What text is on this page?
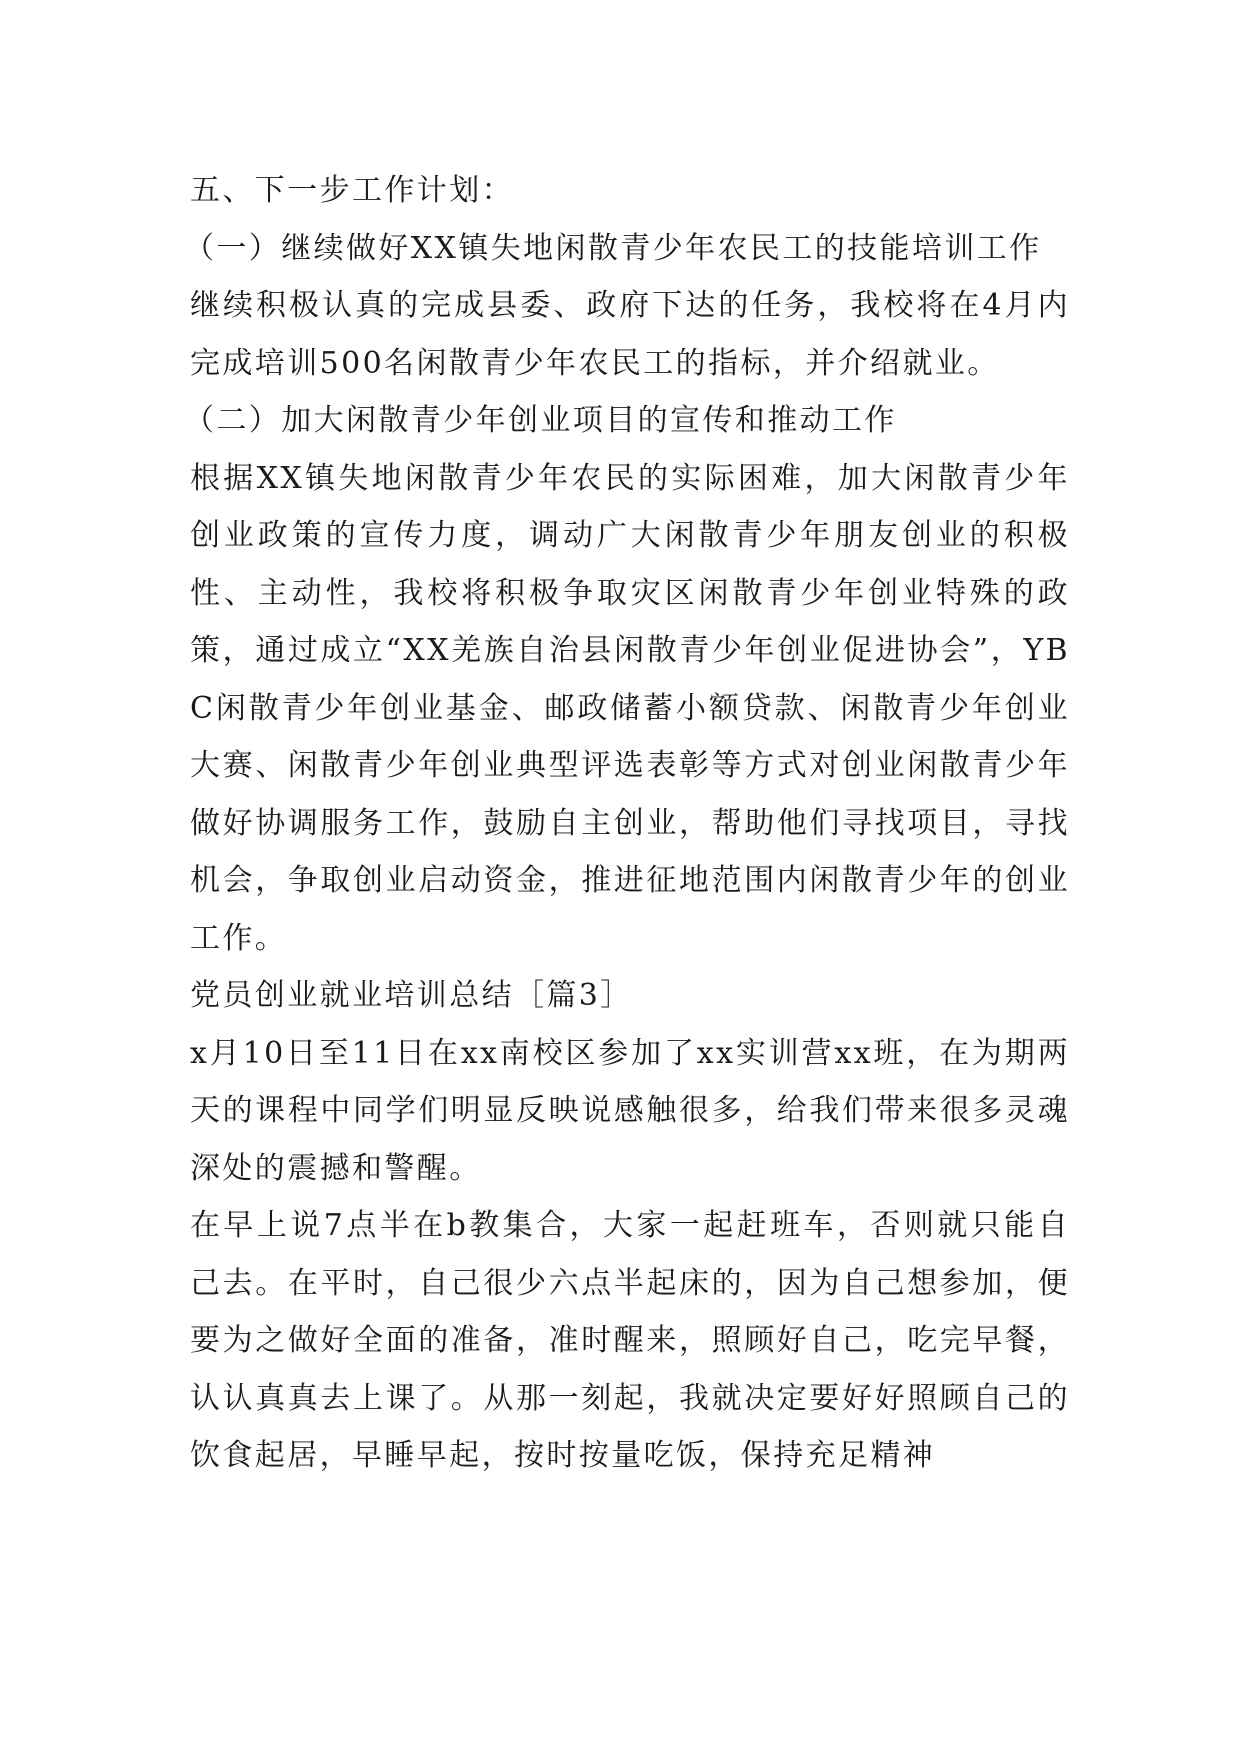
五、下一步工作计划：

（一）继续做好XX镇失地闲散青少年农民工的技能培训工作

继续积极认真的完成县委、政府下达的任务，我校将在4月内完成培训500名闲散青少年农民工的指标，并介绍就业。

（二）加大闲散青少年创业项目的宣传和推动工作

根据XX镇失地闲散青少年农民的实际困难，加大闲散青少年创业政策的宣传力度，调动广大闲散青少年朋友创业的积极性、主动性，我校将积极争取灾区闲散青少年创业特殊的政策，通过成立“XX羌族自治县闲散青少年创业促进协会”，YBC闲散青少年创业基金、邮政储蓄小额贷款、闲散青少年创业大赛、闲散青少年创业典型评选表彰等方式对创业闲散青少年做好协调服务工作，鼓励自主创业，帮助他们寻找项目，寻找机会，争取创业启动资金，推进征地范围内闲散青少年的创业工作。

党员创业就业培训总结［篇3］

x月10日至11日在xx南校区参加了xx实训营xx班，在为期两天的课程中同学们明显反映说感触很多，给我们带来很多灵魂深处的震撼和警醒。

在早上说7点半在b教集合，大家一起赶班车，否则就只能自己去。在平时，自己很少六点半起床的，因为自己想参加，便要为之做好全面的准备，准时醒来，照顾好自己，吃完早餐，认认真真去上课了。从那一刻起，我就决定要好好照顾自己的饮食起居，早睡早起，按时按量吃饭，保持充足精神
